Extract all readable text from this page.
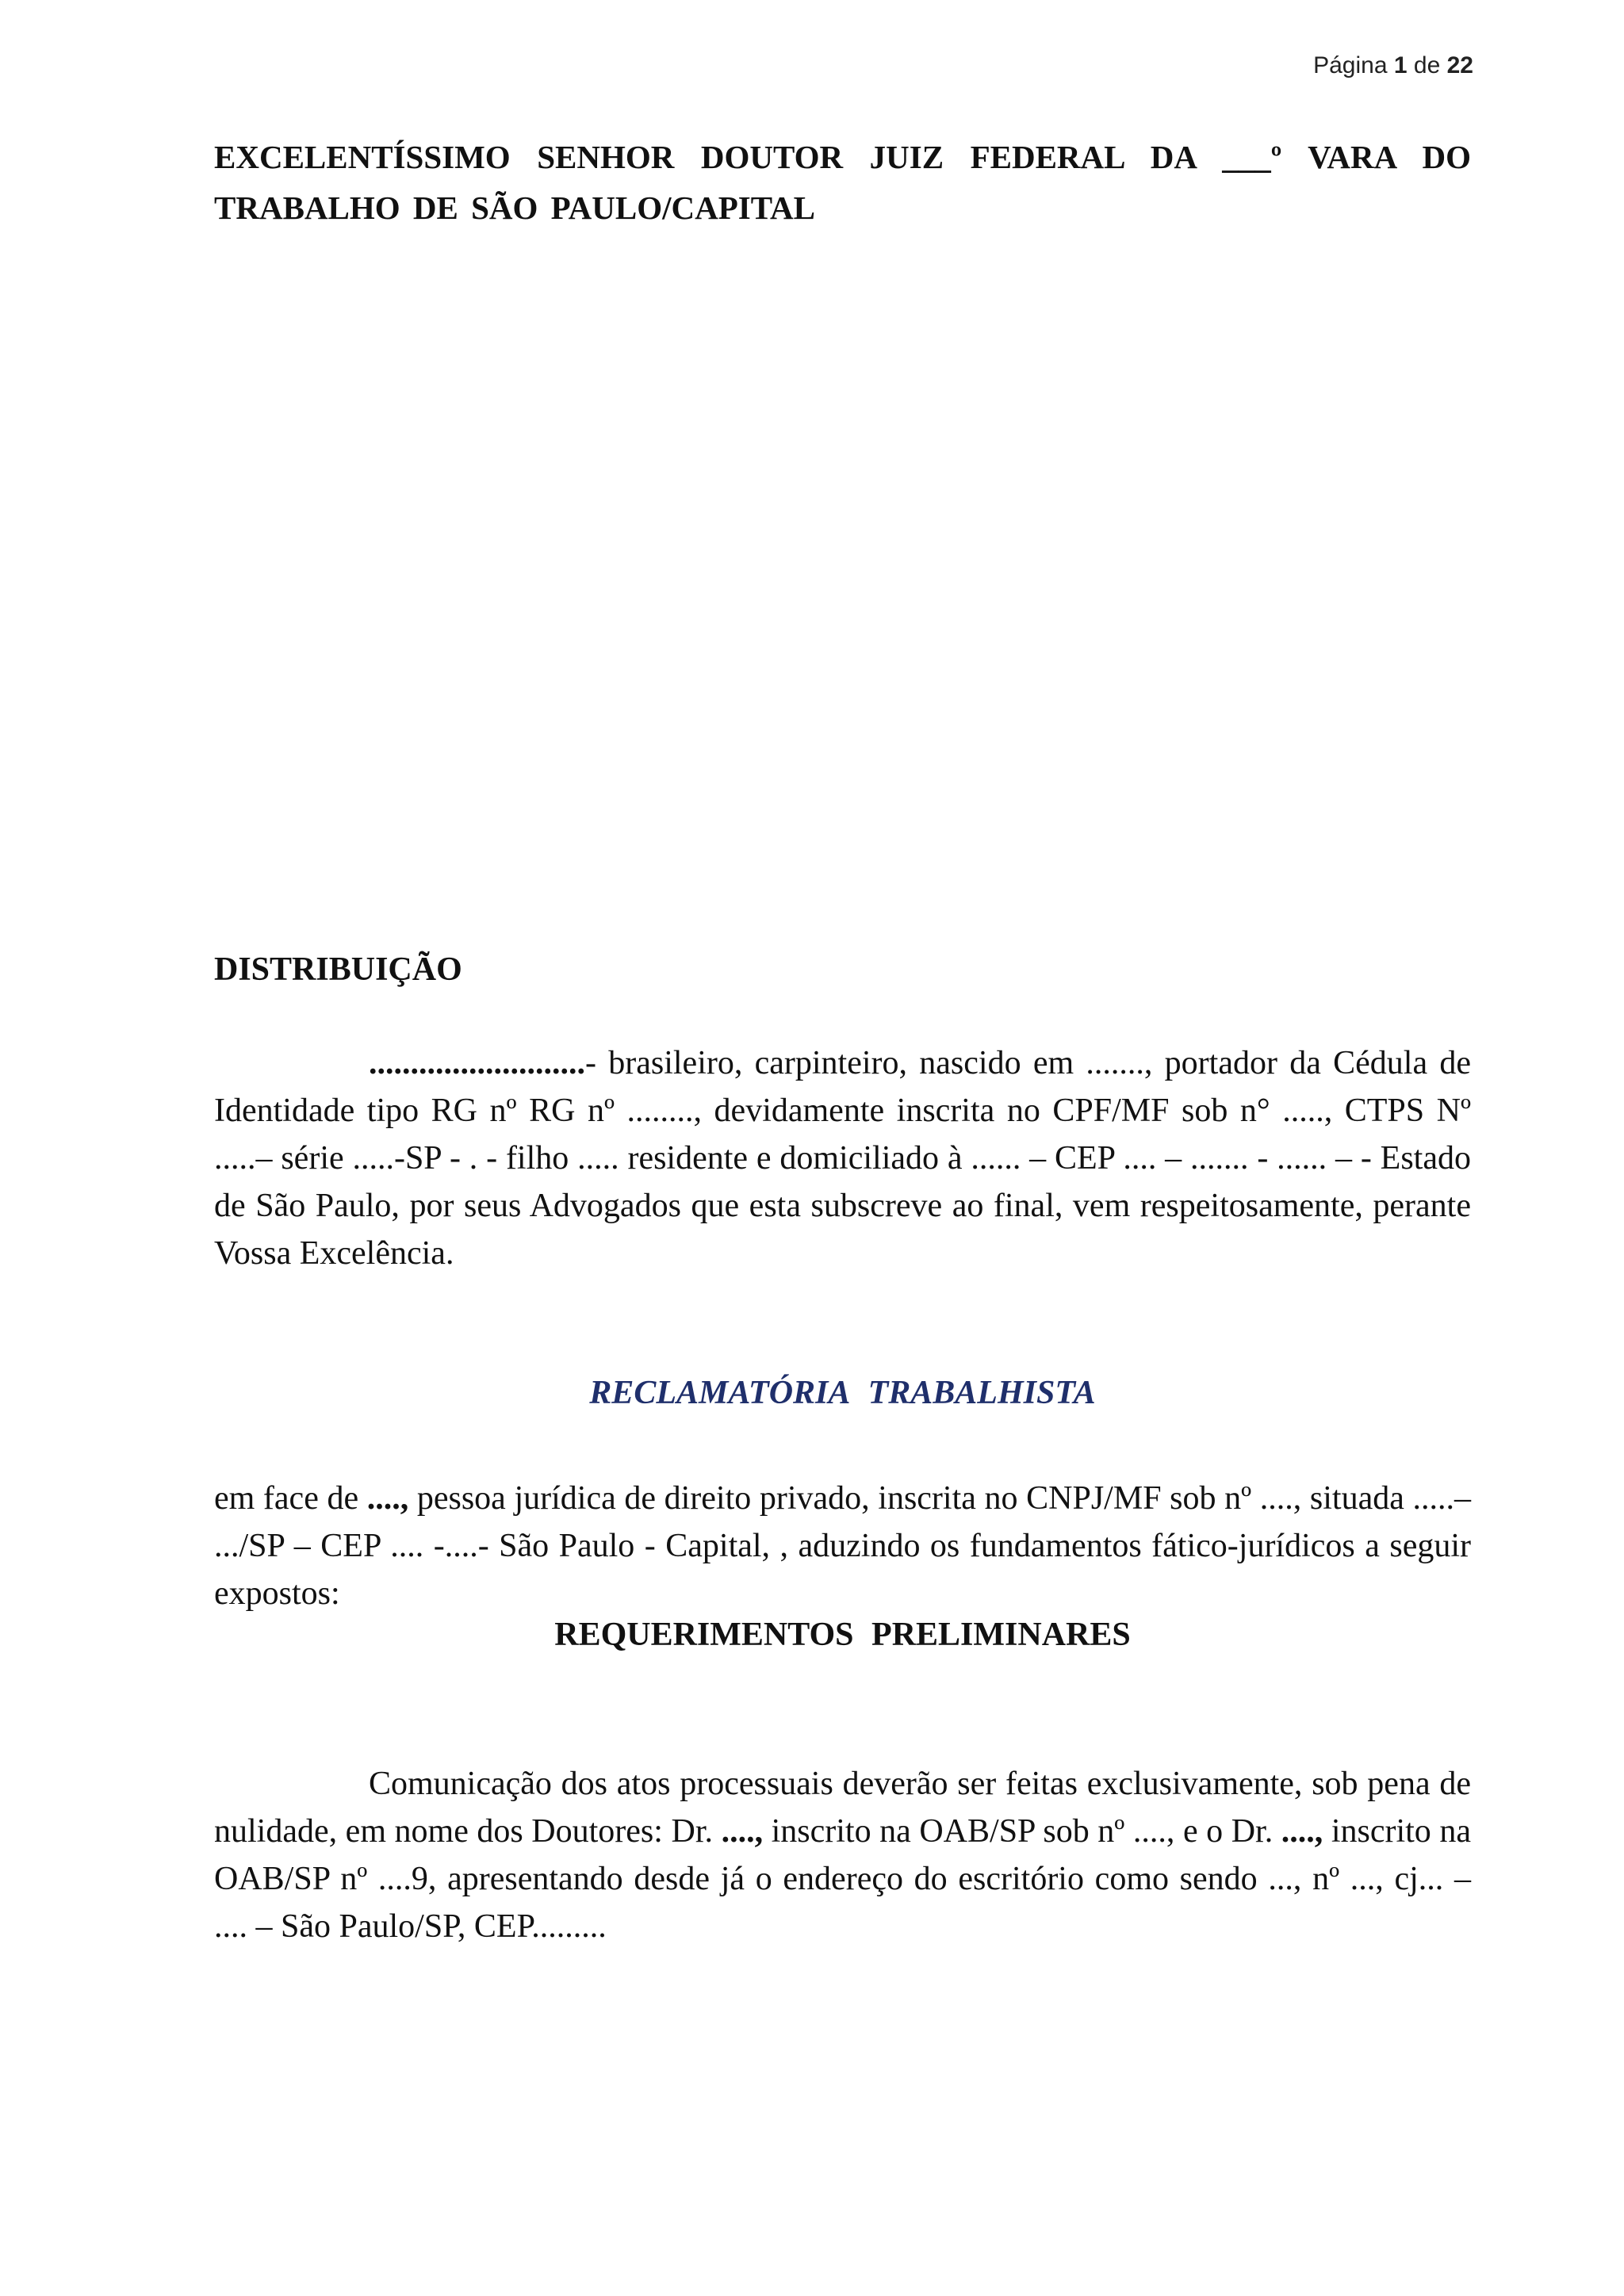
Página 1 de 22
EXCELENTÍSSIMO SENHOR DOUTOR JUIZ FEDERAL DA ___º VARA DO
TRABALHO DE SÃO PAULO/CAPITAL
DISTRIBUIÇÃO
..........................- brasileiro, carpinteiro, nascido em ......., portador da Cédula de Identidade tipo RG nº RG nº ........, devidamente inscrita no CPF/MF sob n° ....., CTPS Nº .....– série .....-SP - . - filho ..... residente e domiciliado à ...... – CEP .... – ....... - ...... – - Estado de São Paulo, por seus Advogados que esta subscreve ao final, vem respeitosamente, perante Vossa Excelência.
RECLAMATÓRIA TRABALHISTA
em face de ...., pessoa jurídica de direito privado, inscrita no CNPJ/MF sob nº ...., situada .....– .../SP – CEP .... -....- São Paulo - Capital, , aduzindo os fundamentos fático-jurídicos a seguir expostos:
REQUERIMENTOS PRELIMINARES
Comunicação dos atos processuais deverão ser feitas exclusivamente, sob pena de nulidade, em nome dos Doutores: Dr. ...., inscrito na OAB/SP sob nº ...., e o Dr. ...., inscrito na OAB/SP nº ....9, apresentando desde já o endereço do escritório como sendo ..., nº ..., cj... – .... – São Paulo/SP, CEP.........
